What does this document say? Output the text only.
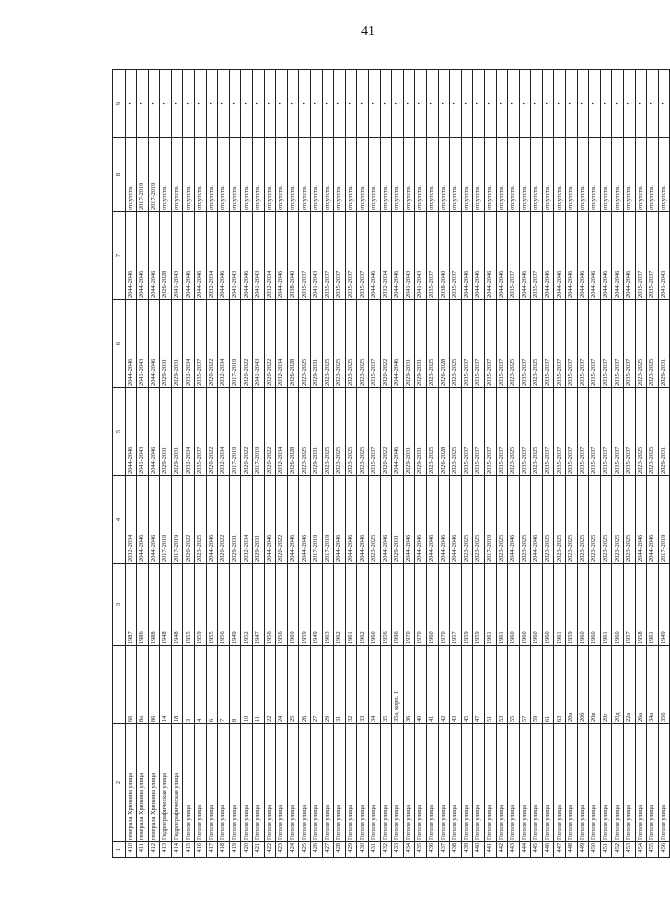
41
1	2		3	4	5	6	7	8	9
410	генерала Хрюкина улица	66	1987	2032-2034	2044-2046	2044-2046	2044-2046	отсутств.	•
411	генерала Хрюкина улица	8а	1986	2044-2046	2041-2043	2041-2043	2044-2046	2017-2019	•
412	генерала Хрюкина улица	86	1988	2044-2046	2044-2046	2044-2046	2044-2046	2017-2019	•
413	Гидрографическая улица	14	1948	2017-2019	2029-2031	2029-2031	2026-2028	отсутств.	•
414	Гидрографическая улица	18	1948	2017-2019	2029-2031	2029-2031	2041-2043	отсутств.	•
415	Гоголя улица	3	1955	2020-2022	2032-2034	2032-2034	2044-2046	отсутств.	•
416	Гоголя улица	4	1959	2023-2025	2035-2037	2035-2037	2044-2046	отсутств.	•
417	Гоголя улица	6	1955	2044-2046	2020-2022	2020-2022	2032-2034	отсутств.	•
418	Гоголя улица	7	1956	2020-2022	2032-2034	2032-2034	2044-2046	отсутств.	•
419	Гоголя улица	8	1949	2029-2031	2017-2019	2017-2019	2041-2043	отсутств.	•
420	Гоголя улица	10	1952	2032-2034	2020-2022	2020-2022	2044-2046	отсутств.	•
421	Гоголя улица	11	1947	2029-2031	2017-2019	2041-2043	2041-2043	отсутств.	•
422	Гоголя улица	22	1956	2044-2046	2020-2022	2020-2022	2032-2034	отсутств.	•
423	Гоголя улица	24	1956	2020-2022	2032-2034	2032-2034	2044-2046	отсутств.	•
424	Гоголя улица	25	1969	2044-2046	2026-2028	2026-2028	2038-2040	отсутств.	•
425	Гоголя улица	26	1959	2044-2046	2023-2025	2023-2025	2035-2037	отсутств.	•
426	Гоголя улица	27	1949	2017-2019	2029-2031	2029-2031	2041-2043	отсутств.	•
427	Гоголя улица	29	1963	2017-2019	2023-2025	2023-2025	2035-2037	отсутств.	•
428	Гоголя улица	31	1962	2044-2046	2023-2025	2023-2025	2035-2037	отсутств.	•
429	Гоголя улица	32	1961	2044-2046	2023-2025	2023-2025	2035-2037	отсутств.	•
430	Гоголя улица	33	1962	2044-2046	2023-2025	2023-2025	2035-2037	отсутств.	•
431	Гоголя улица	34	1960	2023-2025	2035-2037	2035-2037	2044-2046	отсутств.	•
432	Гоголя улица	35	1956	2044-2046	2020-2022	2020-2022	2032-2034	отсутств.	•
433	Гоголя улица	35а, корп. 1	1996	2029-2031	2044-2046	2044-2046	2044-2046	отсутств.	•
434	Гоголя улица	36	1970	2044-2046	2029-2031	2029-2031	2041-2043	отсутств.	•
435	Гоголя улица	40	1970	2044-2046	2029-2031	2029-2031	2041-2043	отсутств.	•
436	Гоголя улица	41	1960	2044-2046	2023-2025	2023-2025	2035-2037	отсутств.	•
437	Гоголя улица	42	1970	2044-2046	2026-2028	2026-2028	2038-2040	отсутств.	•
438	Гоголя улица	43	1957	2044-2046	2023-2025	2023-2025	2035-2037	отсутств.	•
439	Гоголя улица	45	1959	2023-2025	2035-2037	2035-2037	2044-2046	отсутств.	•
440	Гоголя улица	47	1959	2023-2025	2035-2037	2035-2037	2044-2046	отсутств.	•
441	Гоголя улица	51	1961	2017-2019	2035-2037	2035-2037	2044-2046	отсутств.	•
442	Гоголя улица	53	1961	2023-2025	2035-2037	2035-2037	2044-2046	отсутств.	•
443	Гоголя улица	55	1960	2044-2046	2023-2025	2023-2025	2035-2037	отсутств.	•
444	Гоголя улица	57	1960	2023-2025	2035-2037	2035-2037	2044-2046	отсутств.	•
445	Гоголя улица	59	1960	2044-2046	2023-2025	2023-2025	2035-2037	отсутств.	•
446	Гоголя улица	61	1960	2023-2025	2035-2037	2035-2037	2044-2046	отсутств.	•
447	Гоголя улица	63	1961	2023-2025	2035-2037	2035-2037	2044-2046	отсутств.	•
448	Гоголя улица	20а	1959	2023-2025	2035-2037	2035-2037	2044-2046	отсутств.	•
449	Гоголя улица	20б	1960	2023-2025	2035-2037	2035-2037	2044-2046	отсутств.	•
450	Гоголя улица	20в	1960	2023-2025	2035-2037	2035-2037	2044-2046	отсутств.	•
451	Гоголя улица	20г	1961	2023-2025	2035-2037	2035-2037	2044-2046	отсутств.	•
452	Гоголя улица	20д	1960	2023-2025	2035-2037	2035-2037	2044-2046	отсутств.	•
453	Гоголя улица	22а	1957	2023-2025	2035-2037	2035-2037	2044-2046	отсутств.	•
454	Гоголя улица	26а	1958	2044-2046	2023-2025	2023-2025	2035-2037	отсутств.	•
455	Гоголя улица	34а	1961	2044-2046	2023-2025	2023-2025	2035-2037	отсутств.	•
456	Гоголя улица	356	1949	2017-2019	2029-2031	2029-2031	2041-2043	отсутств.	•
